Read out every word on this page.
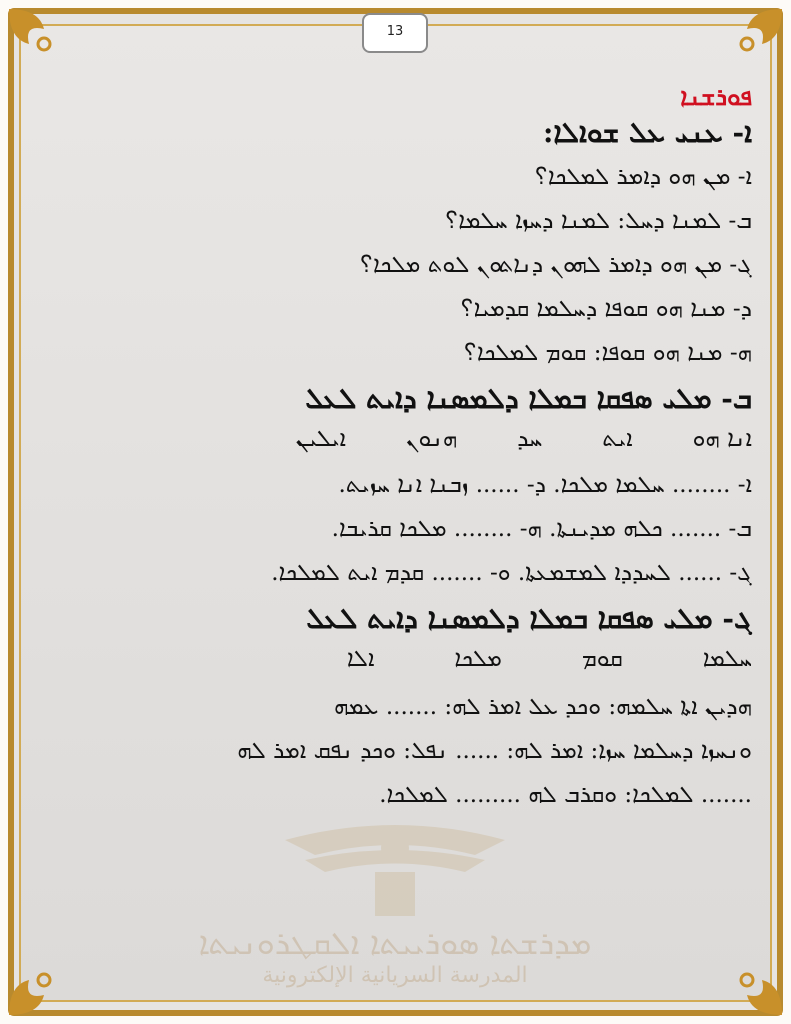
13
ܦܘܪܫܢܐ
ܐ- ܥܢܝ ܥܠ ܫܘܐܠܐ:
ܐ- ܡܢ ܗܘ ܕܐܡܪ ܠܡܠܟܐ؟
ܒ- ܠܡܢܐ ܕܚܠ: ܠܡܢܐ ܕܚܙܐ ܚܠܡܐ؟
ܓ- ܡܢ ܗܘ ܕܐܡܪ ܠܗܘܢ ܕܢܐܬܘܢ ܠܘܬ ܡܠܟܐ؟
ܕ- ܡܢܐ ܗܘ ܩܘܦܐ ܕܚܠܡܐ ܩܕܡܝܐ؟
ܗ- ܡܢܐ ܗܘ ܩܘܦܐ: ܩܘܡ ܠܡܠܟܐ؟
ܒ- ܡܠܝ ܣܦܩܐ ܒܡܠܐ ܕܠܡܣܢܐ ܕܐܝܬ ܠܥܠ
ܐܢܐ ܗܘ
ܐܝܬ
ܚܕ
ܗܢܘܢ
ܐܝܠܝܢ
ܐ- ........ ܚܠܡܐ ܡܠܟܐ. ܕ- ...... ܙܒܢܐ ܐܢܐ ܚܙܝܬ.
ܒ- ....... ܟܠܗ ܡܕܝܢܬܐ. ܗ- ........ ܡܠܟܐ ܩܪܝܒܐ.
ܓ- ...... ܠܚܕܕܐ ܠܡܫܡܥܬܐ. ܘ- ....... ܩܕܡ ܐܝܬ ܠܡܠܟܐ.
ܓ- ܡܠܝ ܣܦܩܐ ܒܡܠܐ ܕܠܡܣܢܐ ܕܐܝܬ ܠܥܠ
ܚܠܡܐ
ܩܘܡ
ܡܠܟܐ
ܐܠܐ
ܗܕܝܢ ܐܬܐ ܚܠܡܗ: ܘܟܕ ܥܠ ܐܡܪ ܠܗ: ....... ܥܡܗ
ܘܢܚܙܐ ܕܚܠܡܐ ܚܙܐ: ܐܡܪ ܠܗ: ...... ܢܦܠ: ܘܟܕ ܢܦܩ ܐܡܪ ܠܗ
....... ܠܡܠܟܐ: ܘܩܪܒ ܠܗ ......... ܠܡܠܟܐ.
ܡܕܪܫܬܐ ܣܘܪܝܝܬܐ ܐܠܩܛܪܘܢܝܬܐ
المدرسة السريانية الإلكترونية
